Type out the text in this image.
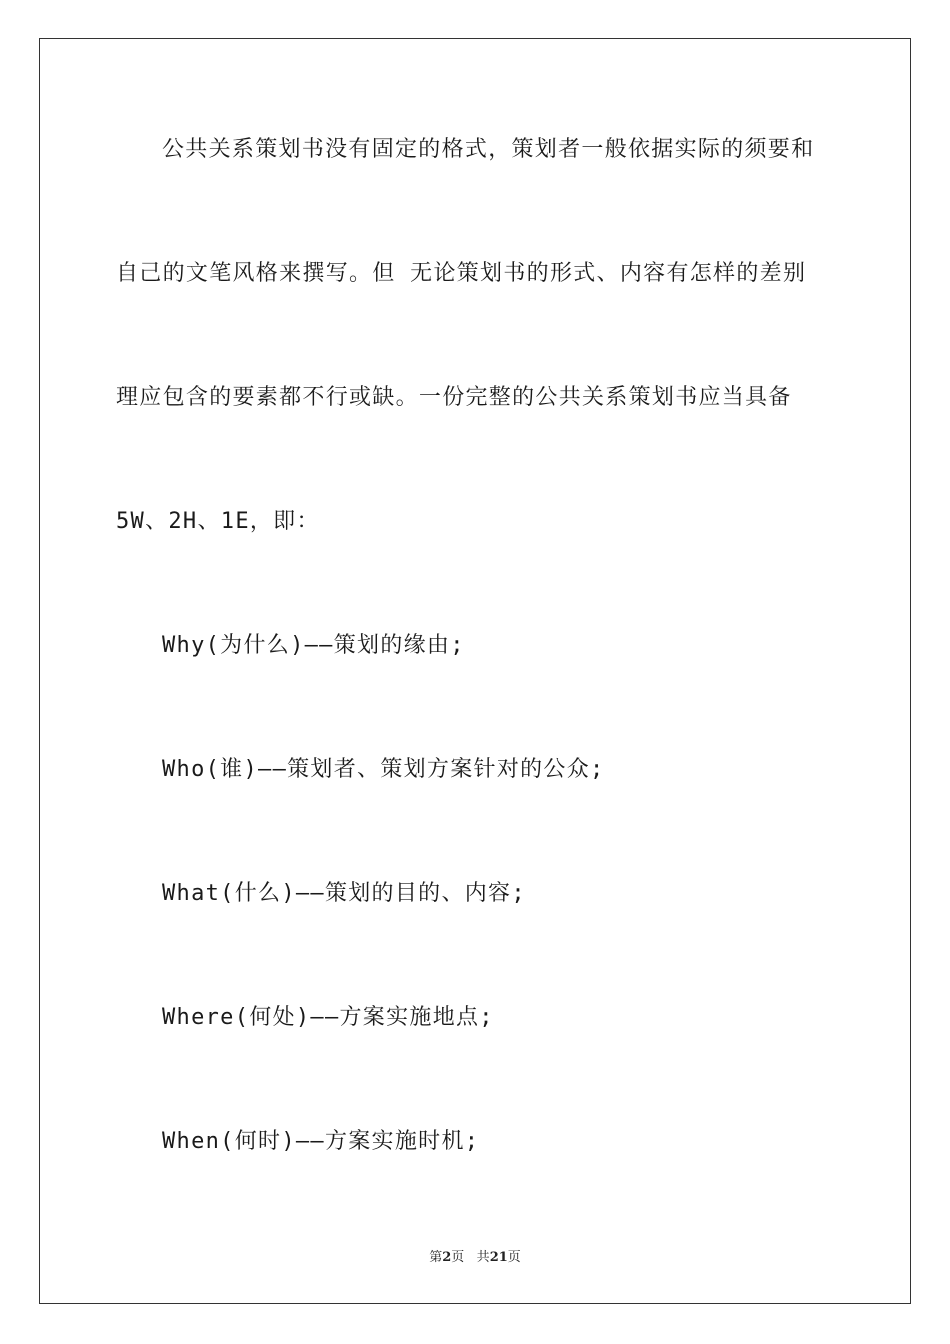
公共关系策划书没有固定的格式，策划者一般依据实际的须要和
自己的文笔风格来撰写。但 无论策划书的形式、内容有怎样的差别
理应包含的要素都不行或缺。一份完整的公共关系策划书应当具备
5W、2H、1E，即：
Why(为什么)——策划的缘由;
Who(谁)——策划者、策划方案针对的公众;
What(什么)——策划的目的、内容;
Where(何处)——方案实施地点;
When(何时)——方案实施时机;
第2页 共21页
